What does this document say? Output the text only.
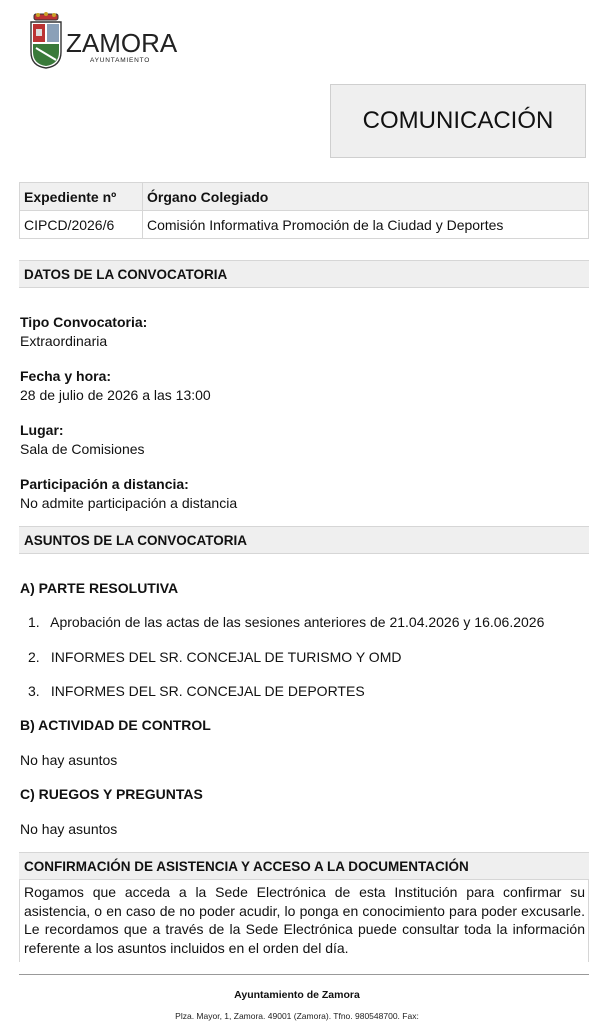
ZAMORA
AYUNTAMIENTO
COMUNICACIÓN
Expediente nº	Órgano Colegiado
CIPCD/2026/6	Comisión Informativa Promoción de la Ciudad y Deportes
DATOS DE LA CONVOCATORIA
Tipo Convocatoria:
Extraordinaria
Fecha y hora:
28 de julio de 2026 a las 13:00
Lugar:
Sala de Comisiones
Participación a distancia:
No admite participación a distancia
ASUNTOS DE LA CONVOCATORIA
A) PARTE RESOLUTIVA
1. Aprobación de las actas de las sesiones anteriores de 21.04.2026 y 16.06.2026
2. INFORMES DEL SR. CONCEJAL DE TURISMO Y OMD
3. INFORMES DEL SR. CONCEJAL DE DEPORTES
B) ACTIVIDAD DE CONTROL
No hay asuntos
C) RUEGOS Y PREGUNTAS
No hay asuntos
CONFIRMACIÓN DE ASISTENCIA Y ACCESO A LA DOCUMENTACIÓN
Rogamos que acceda a la Sede Electrónica de esta Institución para confirmar su asistencia, o en caso de no poder acudir, lo ponga en conocimiento para poder excusarle. Le recordamos que a través de la Sede Electrónica puede consultar toda la información referente a los asuntos incluidos en el orden del día.
Ayuntamiento de Zamora
Plza. Mayor, 1, Zamora. 49001 (Zamora). Tfno. 980548700. Fax:
